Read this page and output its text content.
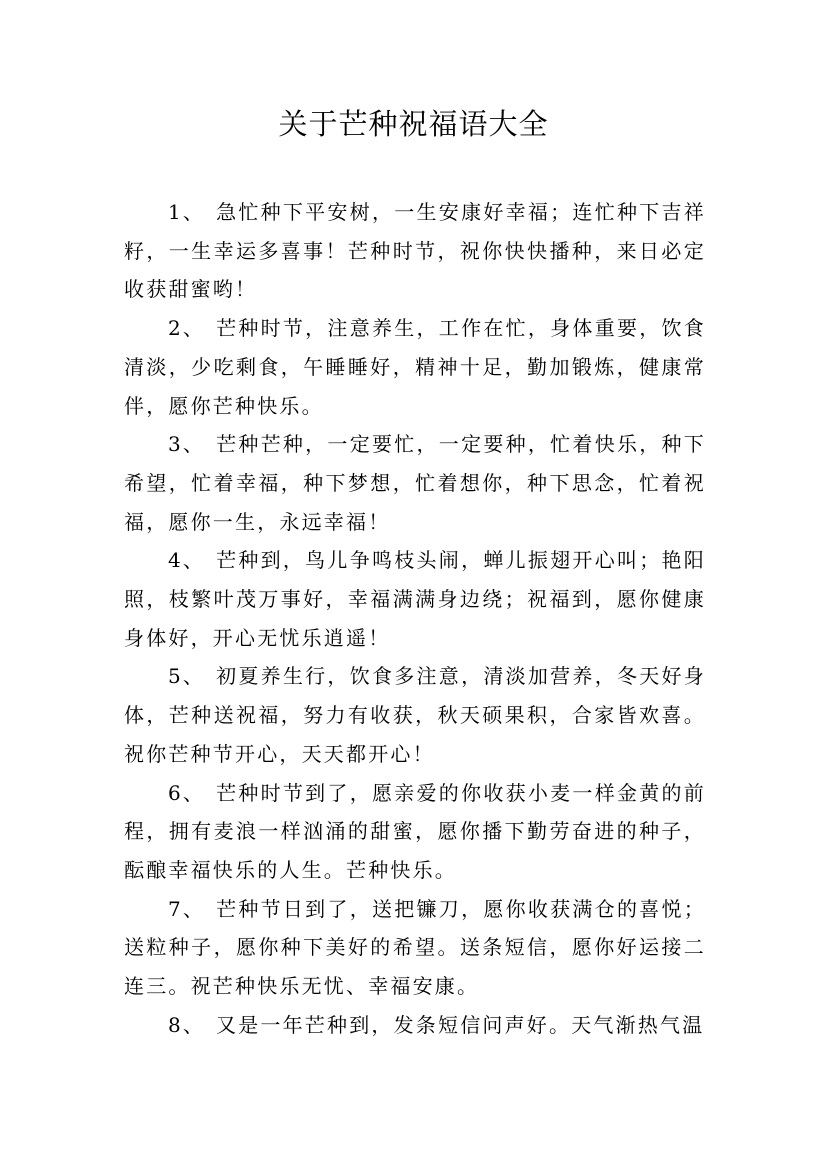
关于芒种祝福语大全

1、 急忙种下平安树，一生安康好幸福；连忙种下吉祥籽，一生幸运多喜事！芒种时节，祝你快快播种，来日必定收获甜蜜哟！

2、 芒种时节，注意养生，工作在忙，身体重要，饮食清淡，少吃剩食，午睡睡好，精神十足，勤加锻炼，健康常伴，愿你芒种快乐。

3、 芒种芒种，一定要忙，一定要种，忙着快乐，种下希望，忙着幸福，种下梦想，忙着想你，种下思念，忙着祝福，愿你一生，永远幸福！

4、 芒种到，鸟儿争鸣枝头闹，蝉儿振翅开心叫；艳阳照，枝繁叶茂万事好，幸福满满身边绕；祝福到，愿你健康身体好，开心无忧乐逍遥！

5、 初夏养生行，饮食多注意，清淡加营养，冬天好身体，芒种送祝福，努力有收获，秋天硕果积，合家皆欢喜。祝你芒种节开心，天天都开心！

6、 芒种时节到了，愿亲爱的你收获小麦一样金黄的前程，拥有麦浪一样汹涌的甜蜜，愿你播下勤劳奋进的种子，酝酿幸福快乐的人生。芒种快乐。

7、 芒种节日到了，送把镰刀，愿你收获满仓的喜悦；送粒种子，愿你种下美好的希望。送条短信，愿你好运接二连三。祝芒种快乐无忧、幸福安康。

8、 又是一年芒种到，发条短信问声好。天气渐热气温
